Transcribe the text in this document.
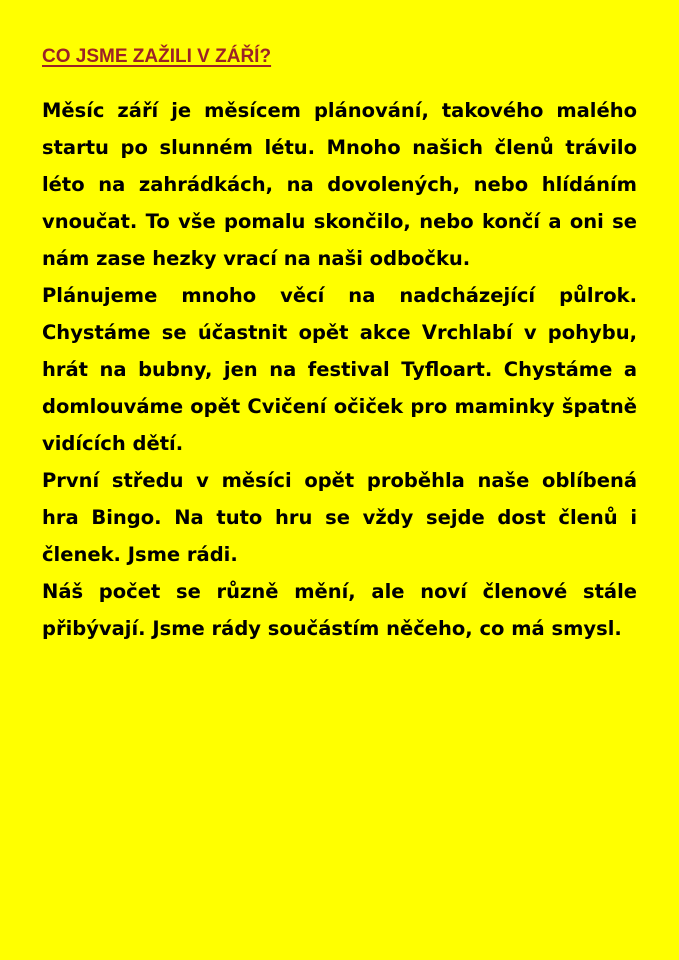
CO JSME ZAŽILI V ZÁŘÍ?

Měsíc září je měsícem plánování, takového malého startu po slunném létu. Mnoho našich členů trávilo léto na zahrádkách, na dovolených, nebo hlídáním vnoučat. To vše pomalu skončilo, nebo končí a oni se nám zase hezky vrací na naši odbočku.

Plánujeme mnoho věcí na nadcházející půlrok. Chystáme se účastnit opět akce Vrchlabí v pohybu, hrát na bubny, jen na festival Tyfloart. Chystáme a domlouváme opět Cvičení očiček pro maminky špatně vidících dětí.

První středu v měsíci opět proběhla naše oblíbená hra Bingo. Na tuto hru se vždy sejde dost členů i členek. Jsme rádi.

Náš počet se různě mění, ale noví členové stále přibývají. Jsme rády součástím něčeho, co má smysl.
